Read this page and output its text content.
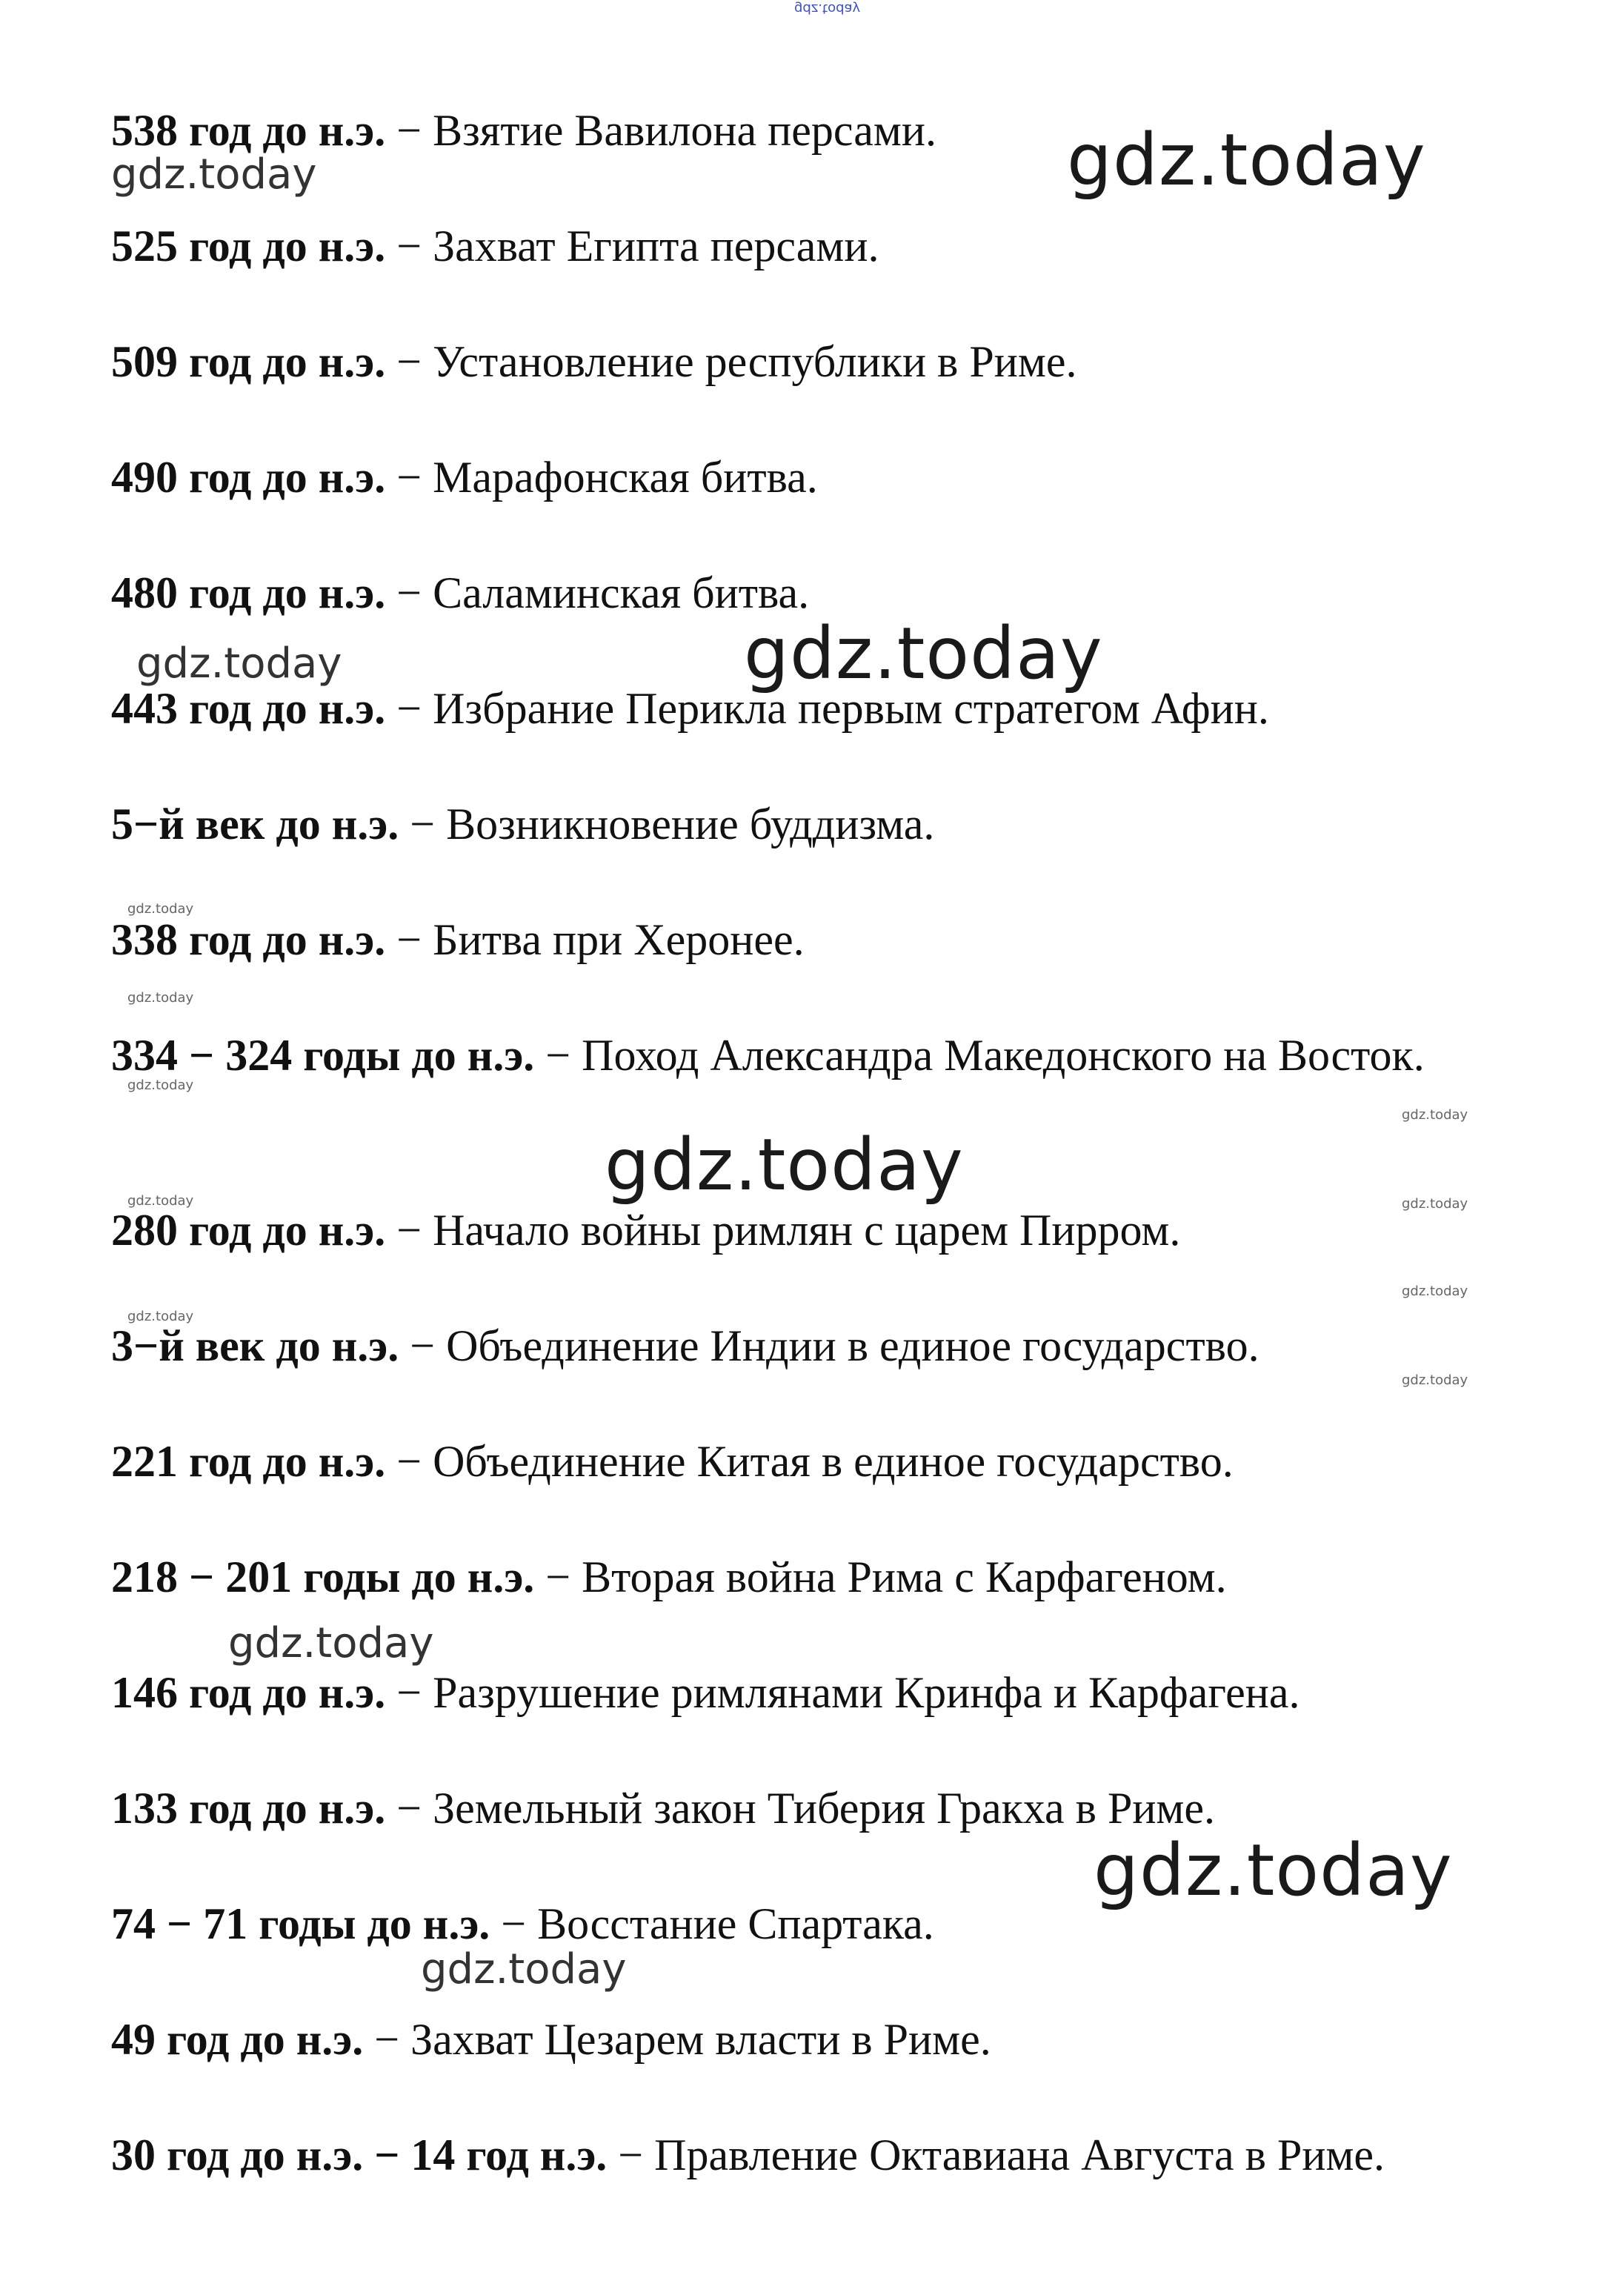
538 год до н.э. − Взятие Вавилона персами.
525 год до н.э. − Захват Египта персами.
509 год до н.э. − Установление республики в Риме.
490 год до н.э. − Марафонская битва.
480 год до н.э. − Саламинская битва.
443 год до н.э. − Избрание Перикла первым стратегом Афин.
5−й век до н.э. − Возникновение буддизма.
338 год до н.э. − Битва при Херонее.
334 − 324 годы до н.э. − Поход Александра Македонского на Восток.
280 год до н.э. − Начало войны римлян с царем Пирром.
3−й век до н.э. − Объединение Индии в единое государство.
221 год до н.э. − Объединение Китая в единое государство.
218 − 201 годы до н.э. − Вторая война Рима с Карфагеном.
146 год до н.э. − Разрушение римлянами Кринфа и Карфагена.
133 год до н.э. − Земельный закон Тиберия Гракха в Риме.
74 − 71 годы до н.э. − Восстание Спартака.
49 год до н.э. − Захват Цезарем власти в Риме.
30 год до н.э. − 14 год н.э. − Правление Октавиана Августа в Риме.
gdz.today
gdz.today
gdz.today
gdz.today
gdz.today
gdz.today
gdz.today
gdz.today
gdz.today
gdz.today
gdz.today	gdz.today
gdz.today
gdz.today
gdz.today
gdz.today
gdz.today
gdz.today
